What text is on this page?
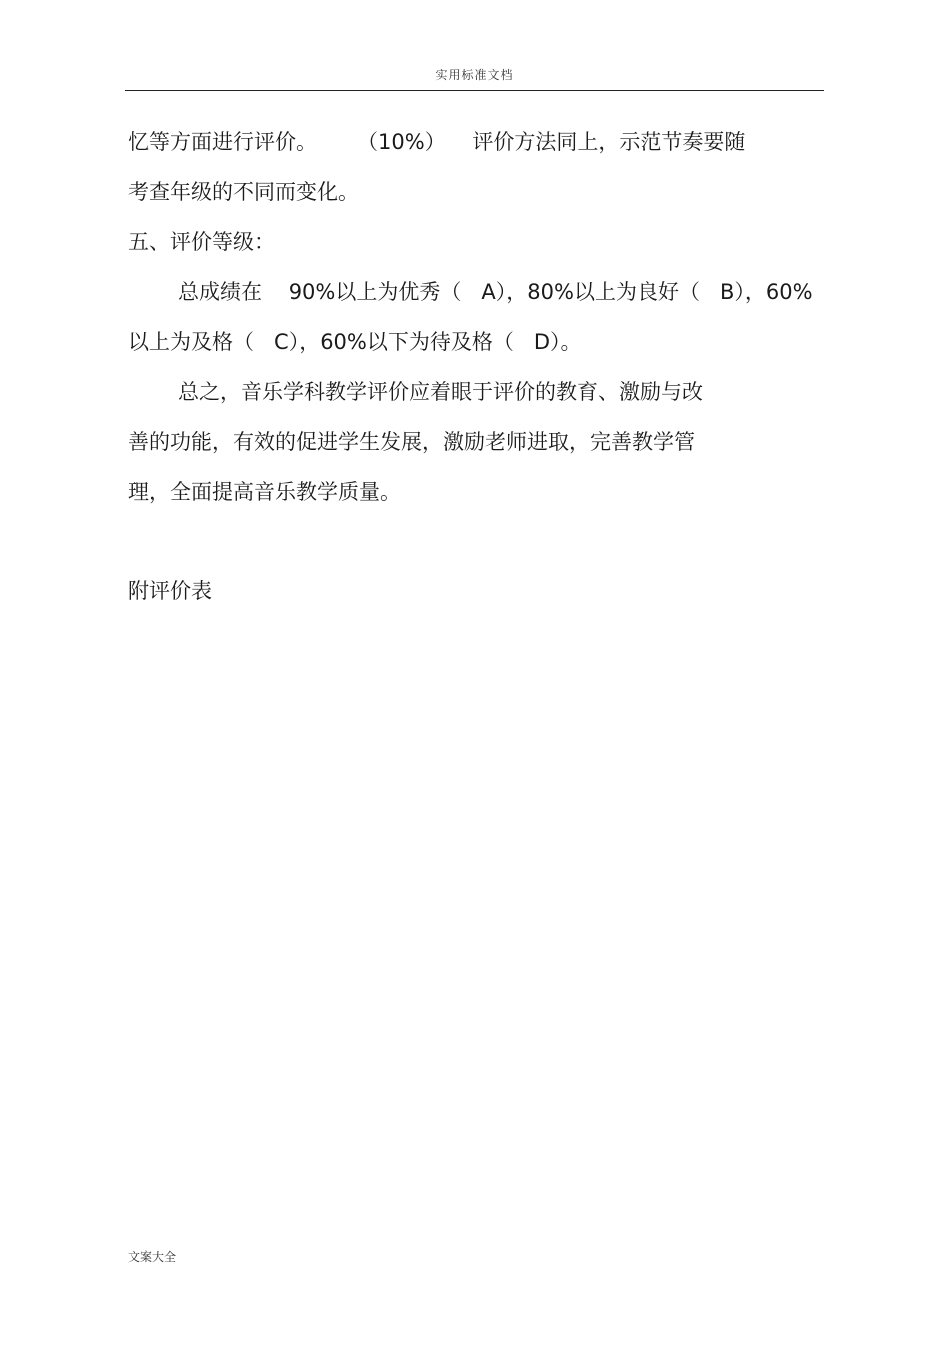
实用标准文档
忆等方面进行评价。      （10%）    评价方法同上，示范节奏要随
考查年级的不同而变化。
五、评价等级：
总成绩在    90%以上为优秀（   A），80%以上为良好（   B），60%
以上为及格（   C），60%以下为待及格（   D）。
总之，音乐学科教学评价应着眼于评价的教育、激励与改
善的功能，有效的促进学生发展，激励老师进取，完善教学管
理，全面提高音乐教学质量。
附评价表
文案大全
